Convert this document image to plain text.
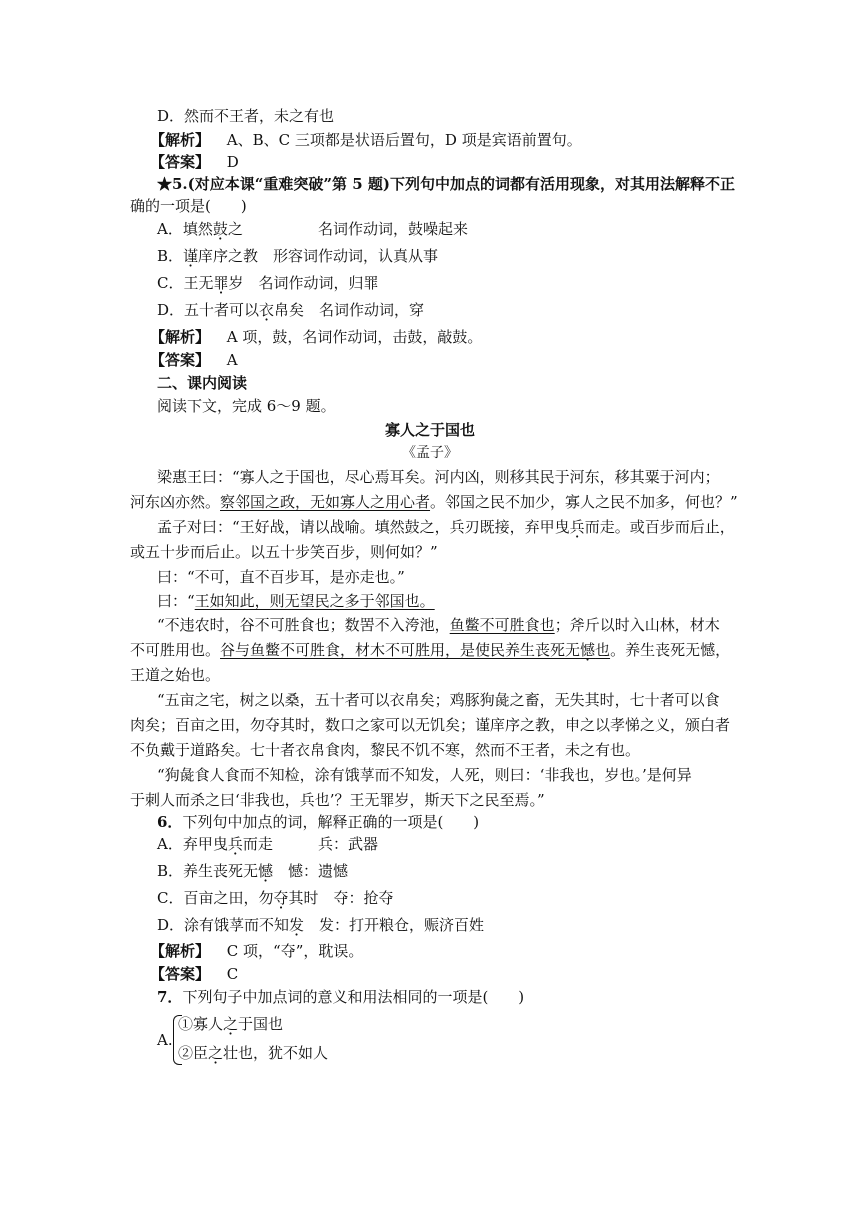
D．然而不王者，未之有也
【解析】 A、B、C 三项都是状语后置句，D 项是宾语前置句。
【答案】 D
★5.(对应本课“重难突破”第 5 题)下列句中加点的词都有活用现象，对其用法解释不正
确的一项是(　　)
A．填然鼓之	名词作动词，鼓噪起来
B．谨庠序之教　形容词作动词，认真从事
C．王无罪岁　名词作动词，归罪
D．五十者可以衣帛矣　名词作动词，穿
【解析】 A 项，鼓，名词作动词，击鼓，敲鼓。
【答案】 A
二、课内阅读
阅读下文，完成 6～9 题。
寡人之于国也
《孟子》
梁惠王曰：“寡人之于国也，尽心焉耳矣。河内凶，则移其民于河东，移其粟于河内；
河东凶亦然。察邻国之政，无如寡人之用心者。邻国之民不加少，寡人之民不加多，何也？”
孟子对曰：“王好战，请以战喻。填然鼓之，兵刃既接，弃甲曳兵而走。或百步而后止，
或五十步而后止。以五十步笑百步，则何如？”
曰：“不可，直不百步耳，是亦走也。”
曰：“王如知此，则无望民之多于邻国也。
“不违农时，谷不可胜食也；数罟不入洿池，鱼鳖不可胜食也；斧斤以时入山林，材木
不可胜用也。谷与鱼鳖不可胜食，材木不可胜用，是使民养生丧死无憾也。养生丧死无憾，
王道之始也。
“五亩之宅，树之以桑，五十者可以衣帛矣；鸡豚狗彘之畜，无失其时，七十者可以食
肉矣；百亩之田，勿夺其时，数口之家可以无饥矣；谨庠序之教，申之以孝悌之义，颁白者
不负戴于道路矣。七十者衣帛食肉，黎民不饥不寒，然而不王者，未之有也。
“狗彘食人食而不知检，涂有饿莩而不知发，人死，则曰：‘非我也，岁也。’是何异
于刺人而杀之曰‘非我也，兵也’？王无罪岁，斯天下之民至焉。”
6．下列句中加点的词，解释正确的一项是(　　)
A．弃甲曳兵而走	兵：武器
B．养生丧死无憾　憾：遗憾
C．百亩之田，勿夺其时　夺：抢夺
D．涂有饿莩而不知发　发：打开粮仓，赈济百姓
【解析】 C 项，“夺”，耽误。
【答案】 C
7．下列句子中加点词的意义和用法相同的一项是(　　)
A.
①寡人之于国也
②臣之壮也，犹不如人
